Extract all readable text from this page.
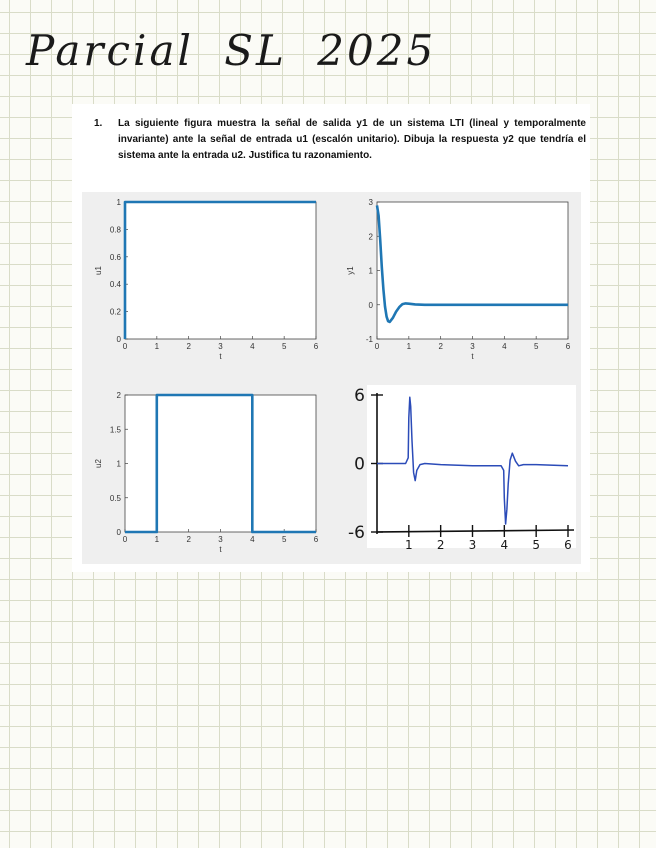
Parcial SL 2025
1. La siguiente figura muestra la señal de salida y1 de un sistema LTI (lineal y temporalmente invariante) ante la señal de entrada u1 (escalón unitario). Dibuja la respuesta y2 que tendría el sistema ante la entrada u2. Justifica tu razonamiento.
0	1	2	3	4	5	6
0
0.2
0.4
0.6
0.8
1
t
u1
0	1	2	3	4	5	6
-1
0
1
2
3
t
y1
0	1	2	3	4	5	6
0
0.5
1
1.5
2
t
u2
6
0
-6
1 2 3 4 5 6
